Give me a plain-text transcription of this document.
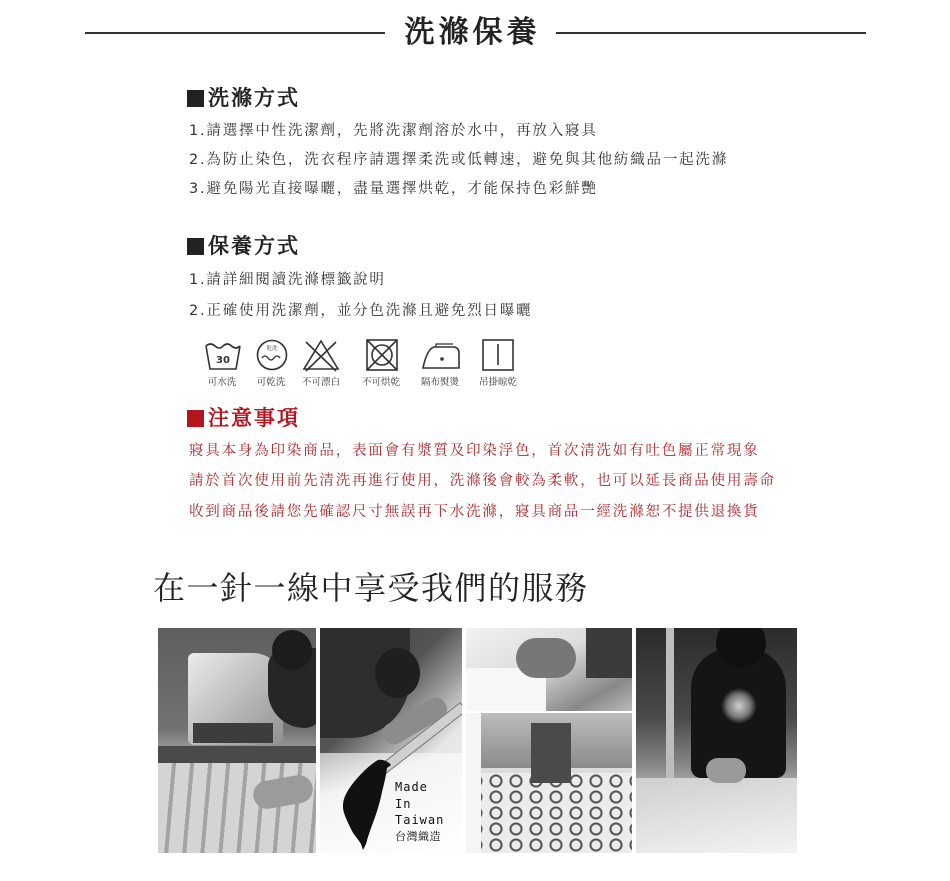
洗滌保養
洗滌方式
1.請選擇中性洗潔劑，先將洗潔劑溶於水中，再放入寢具
2.為防止染色，洗衣程序請選擇柔洗或低轉速，避免與其他紡織品一起洗滌
3.避免陽光直接曝曬，盡量選擇烘乾，才能保持色彩鮮艷
保養方式
1.請詳細閱讀洗滌標籤說明
2.正確使用洗潔劑，並分色洗滌且避免烈日曝曬
30
可水洗
乾洗
可乾洗	不可漂白	不可烘乾	隔布熨燙	吊掛晾乾
注意事項
寢具本身為印染商品，表面會有漿質及印染浮色，首次清洗如有吐色屬正常現象
請於首次使用前先清洗再進行使用，洗滌後會較為柔軟，也可以延長商品使用壽命
收到商品後請您先確認尺寸無誤再下水洗滌，寢具商品一經洗滌恕不提供退換貨
在一針一線中享受我們的服務
Made
In
Taiwan
台灣織造
